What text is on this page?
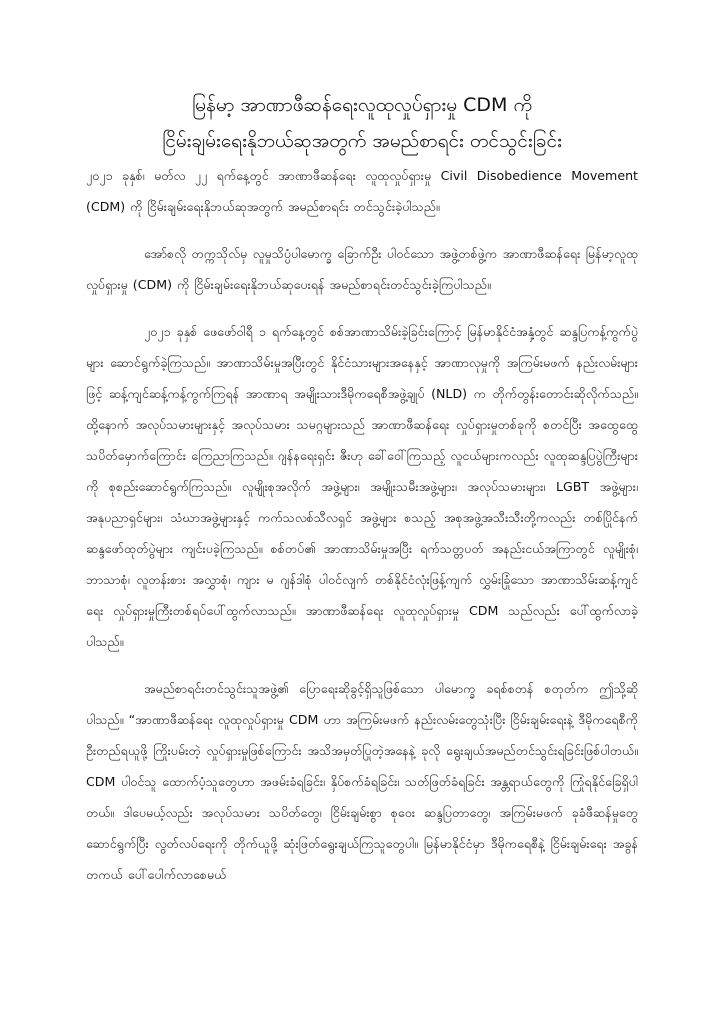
မြန်မာ့ အာဏာဖီဆန်ရေးလူထုလှုပ်ရှားမှု CDM ကို
ငြိမ်းချမ်းရေးနိုဘယ်ဆုအတွက် အမည်စာရင်း တင်သွင်းခြင်း

၂၀၂၁ ခုနှစ်၊ မတ်လ ၂၂ ရက်နေ့တွင် အာဏာဖီဆန်ရေး လူထုလှုပ်ရှားမှု Civil Disobedience Movement (CDM) ကို ငြိမ်းချမ်းရေးနိုဘယ်ဆုအတွက် အမည်စာရင်း တင်သွင်းခဲ့ပါသည်။

အော်စလို တက္ကသိုလ်မှ လူမှုသိပ္ပံပါမောက္ခ ခြောက်ဦး ပါဝင်သော အဖွဲ့တစ်ဖွဲ့က အာဏာဖီဆန်ရေး မြန်မာ့လူထုလှုပ်ရှားမှု (CDM) ကို ငြိမ်းချမ်းရေးနိုဘယ်ဆုပေးရန် အမည်စာရင်းတင်သွင်းခဲ့ကြပါသည်။

၂၀၂၁ ခုနှစ် ဖေဖော်ဝါရီ ၁ ရက်နေ့တွင် စစ်အာဏာသိမ်းခဲ့ခြင်းကြောင့် မြန်မာနိုင်ငံအနှံ့တွင် ဆန္ဒပြကန့်ကွက်ပွဲများ ဆောင်ရွက်ခဲ့ကြသည်။ အာဏာသိမ်းမှုအပြီးတွင် နိုင်ငံသားများအနေနှင့် အာဏာလုမှုကို အကြမ်းမဖက် နည်းလမ်းများဖြင့် ဆန့်ကျင်ဆန့်ကန့်ကွက်ကြရန် အာဏာရ အမျိုးသားဒီမိုကရေစီအဖွဲ့ချုပ် (NLD) က တိုက်တွန်းတောင်းဆိုလိုက်သည်။ ထို့နောက် အလုပ်သမားများနှင့် အလုပ်သမား သမဂ္ဂများသည် အာဏာဖီဆန်ရေး လှုပ်ရှားမှုတစ်ခုကို စတင်ပြီး အထွေထွေသပိတ်မှောက်ကြောင်း ကြေညာကြသည်။ ဂျန်နရေးရှင်း ဇီးဟု ခေါ်ဝေါ်ကြသည့် လူငယ်များကလည်း လူထုဆန္ဒပြပွဲကြီးများကို စုစည်းဆောင်ရွက်ကြသည်။ လူမျိုးစုအလိုက် အဖွဲ့များ၊ အမျိုးသမီးအဖွဲ့များ၊ အလုပ်သမားများ၊ LGBT အဖွဲ့များ၊ အနုပညာရှင်များ၊ သံဃာအဖွဲ့များနှင့် ကက်သလစ်သီလရှင် အဖွဲ့များ စသည့် အစုအဖွဲ့အသီးသီးတို့ကလည်း တစ်ပြိုင်နက် ဆန္ဒဖော်ထုတ်ပွဲများ ကျင်းပခဲ့ကြသည်။ စစ်တပ်၏ အာဏာသိမ်းမှုအပြီး ရက်သတ္တပတ် အနည်းငယ်အကြာတွင် လူမျိုးစုံ၊ ဘာသာစုံ၊ လူတန်းစား အလွှာစုံ၊ ကျား မ ဂျန်ဒါစုံ ပါဝင်လျက် တစ်နိုင်ငံလုံးဖြန့်ကျက် လွှမ်းခြုံသော အာဏာသိမ်းဆန့်ကျင်ရေး လှုပ်ရှားမှုကြီးတစ်ရပ်ပေါ်ထွက်လာသည်။ အာဏာဖီဆန်ရေး လူထုလှုပ်ရှားမှု CDM သည်လည်း ပေါ်ထွက်လာခဲ့ပါသည်။

အမည်စာရင်းတင်သွင်းသူအဖွဲ့၏ ပြောရေးဆိုခွင့်ရှိသူဖြစ်သော ပါမောက္ခ ခရစ်စတန် စတုတ်က ဤသို့ဆိုပါသည်။ “အာဏာဖီဆန်ရေး လူထုလှုပ်ရှားမှု CDM ဟာ အကြမ်းမဖက် နည်းလမ်းတွေသုံးပြီး ငြိမ်းချမ်းရေးနဲ့ ဒီမိုကရေစီကို ဦးတည်ရယူဖို့ ကြိုးပမ်းတဲ့ လှုပ်ရှားမှုဖြစ်ကြောင်း အသိအမှတ်ပြုတဲ့အနေနဲ့ ခုလို ရွေးချယ်အမည်တင်သွင်းရခြင်းဖြစ်ပါတယ်။ CDM ပါဝင်သူ ထောက်ပံ့သူတွေဟာ အဖမ်းခံရခြင်း၊ နှိပ်စက်ခံရခြင်း၊ သတ်ဖြတ်ခံရခြင်း အန္တရာယ်တွေကို ကြုံရနိုင်ခြေရှိပါတယ်။ ဒါပေမယ့်လည်း အလုပ်သမား သပိတ်တွေ၊ ငြိမ်းချမ်းစွာ စုဝေး ဆန္ဒပြတာတွေ၊ အကြမ်းမဖက် ခုခံဖီဆန်မှုတွေဆောင်ရွက်ပြီး လွတ်လပ်ရေးကို တိုက်ယူဖို့ ဆုံးဖြတ်ရွေးချယ်ကြသူတွေပါ။ မြန်မာနိုင်ငံမှာ ဒီမိုကရေစီနဲ့ ငြိမ်းချမ်းရေး အခွန်တကယ် ပေါ်ပေါက်လာစေမယ်
